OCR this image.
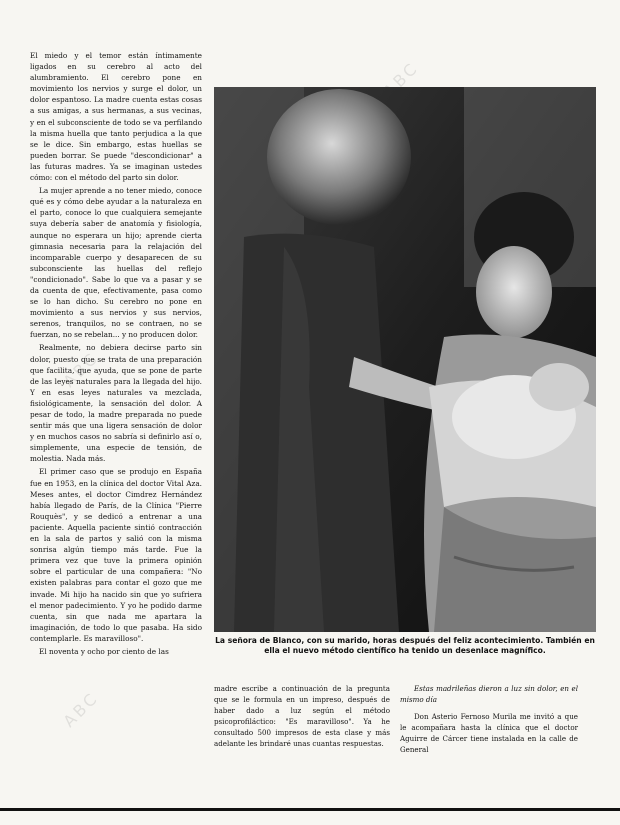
ABC
ABC
ABC

El miedo y el temor están íntimamente ligados en su cerebro al acto del alumbramiento. El cerebro pone en movimiento los nervios y surge el dolor, un dolor espantoso. La madre cuenta estas cosas a sus amigas, a sus hermanas, a sus vecinas, y en el subconsciente de todo se va perfilando la misma huella que tanto perjudica a la que se le dice. Sin embargo, estas huellas se pueden borrar. Se puede "descondicionar" a las futuras madres. Ya se imaginan ustedes cómo: con el método del parto sin dolor.

La mujer aprende a no tener miedo, conoce qué es y cómo debe ayudar a la naturaleza en el parto, conoce lo que cualquiera semejante suya debería saber de anatomía y fisiología, aunque no esperara un hijo; aprende cierta gimnasia necesaria para la relajación del incomparable cuerpo y desaparecen de su subconsciente las huellas del reflejo "condicionado". Sabe lo que va a pasar y se da cuenta de que, efectivamente, pasa como se lo han dicho. Su cerebro no pone en movimiento a sus nervios y sus nervios, serenos, tranquilos, no se contraen, no se fuerzan, no se rebelan... y no producen dolor.

Realmente, no debiera decirse parto sin dolor, puesto que se trata de una preparación que facilita, que ayuda, que se pone de parte de las leyes naturales para la llegada del hijo. Y en esas leyes naturales va mezclada, fisiológicamente, la sensación del dolor. A pesar de todo, la madre preparada no puede sentir más que una ligera sensación de dolor y en muchos casos no sabría si definirlo así o, simplemente, una especie de tensión, de molestia. Nada más.

El primer caso que se produjo en España fue en 1953, en la clínica del doctor Vital Aza. Meses antes, el doctor Cimdrez Hernández había llegado de París, de la Clínica "Pierre Rouquès", y se dedicó a entrenar a una paciente. Aquella paciente sintió contracción en la sala de partos y salió con la misma sonrisa algún tiempo más tarde. Fue la primera vez que tuve la primera opinión sobre el particular de una compañera: "No existen palabras para contar el gozo que me invade. Mi hijo ha nacido sin que yo sufriera el menor padecimiento. Y yo he podido darme cuenta, sin que nada me apartara la imaginación, de todo lo que pasaba. Ha sido contemplarle. Es maravilloso".

El noventa y ocho por ciento de las

La señora de Blanco, con su marido, horas después del feliz acontecimiento. También en ella el nuevo método científico ha tenido un desenlace magnífico.

madre escribe a continuación de la pregunta que se le formula en un impreso, después de haber dado a luz según el método psicoprofiláctico: "Es maravilloso". Ya he consultado 500 impresos de esta clase y más adelante les brindaré unas cuantas respuestas.

Estas madrileñas dieron a luz sin dolor, en el mismo día

Don Asterio Fernoso Murila me invitó a que le acompañara hasta la clínica que el doctor Aguirre de Cárcer tiene instalada en la calle de General
